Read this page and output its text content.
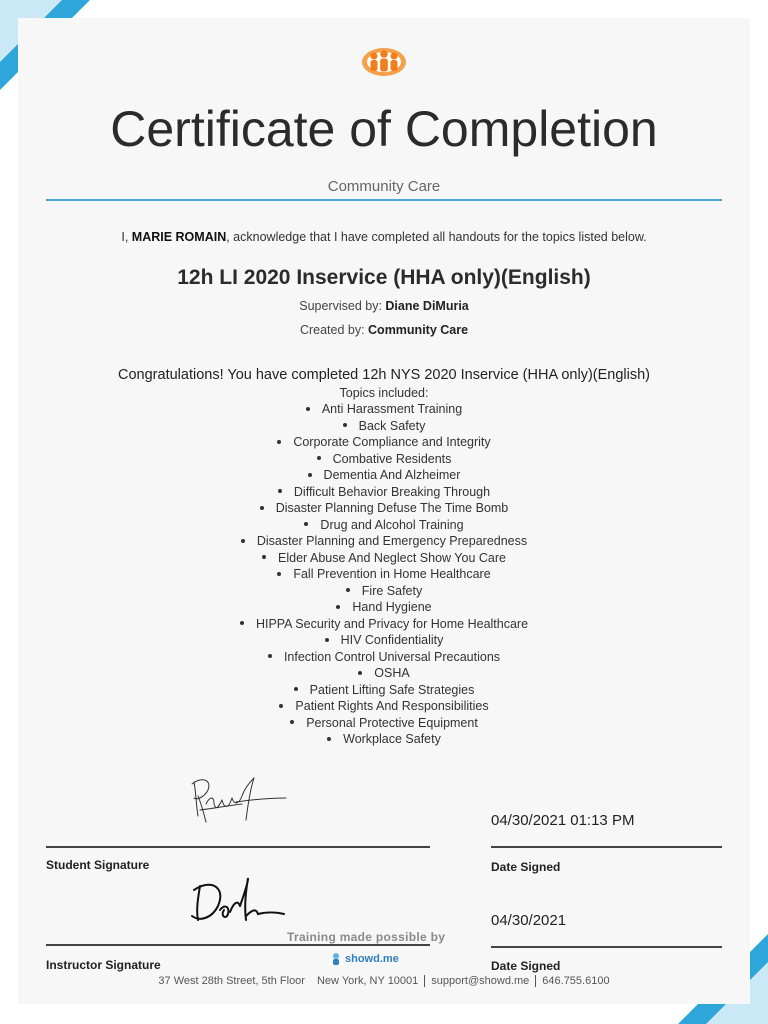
Certificate of Completion
Community Care
I, MARIE ROMAIN, acknowledge that I have completed all handouts for the topics listed below.
12h LI 2020 Inservice (HHA only)(English)
Supervised by: Diane DiMuria
Created by: Community Care
Congratulations! You have completed 12h NYS 2020 Inservice (HHA only)(English)
Topics included:
Anti Harassment Training
Back Safety
Corporate Compliance and Integrity
Combative Residents
Dementia And Alzheimer
Difficult Behavior Breaking Through
Disaster Planning Defuse The Time Bomb
Drug and Alcohol Training
Disaster Planning and Emergency Preparedness
Elder Abuse And Neglect Show You Care
Fall Prevention in Home Healthcare
Fire Safety
Hand Hygiene
HIPPA Security and Privacy for Home Healthcare
HIV Confidentiality
Infection Control Universal Precautions
OSHA
Patient Lifting Safe Strategies
Patient Rights And Responsibilities
Personal Protective Equipment
Workplace Safety
Student Signature
04/30/2021 01:13 PM
Date Signed
Training made possible by
Instructor Signature
04/30/2021
Date Signed
showd.me
37 West 28th Street, 5th Floor New York, NY 10001 support@showd.me 646.755.6100
